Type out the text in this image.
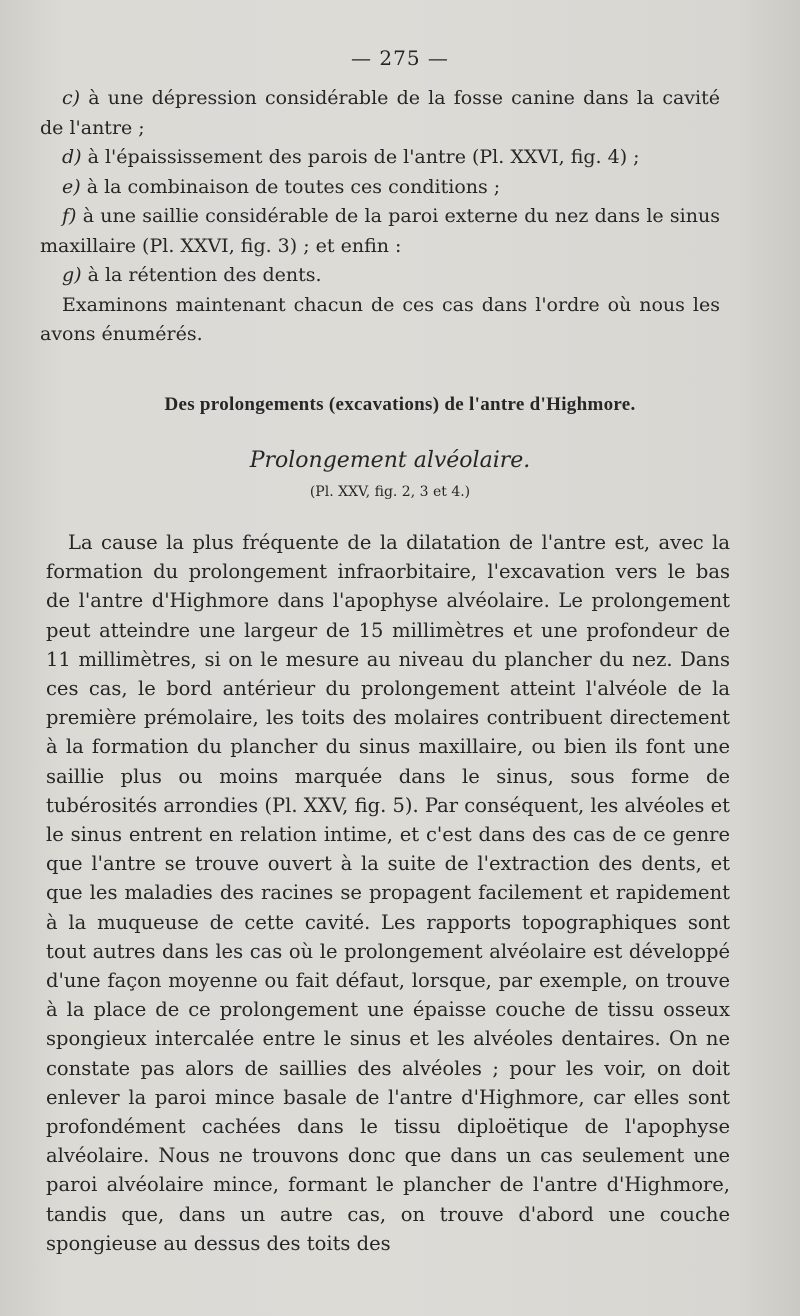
— 275 —

c) à une dépression considérable de la fosse canine dans la cavité de l'antre ;

d) à l'épaississement des parois de l'antre (Pl. XXVI, fig. 4) ;

e) à la combinaison de toutes ces conditions ;

f) à une saillie considérable de la paroi externe du nez dans le sinus maxillaire (Pl. XXVI, fig. 3) ; et enfin :

g) à la rétention des dents.

Examinons maintenant chacun de ces cas dans l'ordre où nous les avons énumérés.

Des prolongements (excavations) de l'antre d'Highmore.
Prolongement alvéolaire.
(Pl. XXV, fig. 2, 3 et 4.)

La cause la plus fréquente de la dilatation de l'antre est, avec la formation du prolongement infraorbitaire, l'excavation vers le bas de l'antre d'Highmore dans l'apophyse alvéolaire. Le prolongement peut atteindre une largeur de 15 millimètres et une profondeur de 11 millimètres, si on le mesure au niveau du plancher du nez. Dans ces cas, le bord antérieur du prolongement atteint l'alvéole de la première prémolaire, les toits des molaires contribuent directement à la formation du plancher du sinus maxillaire, ou bien ils font une saillie plus ou moins marquée dans le sinus, sous forme de tubérosités arrondies (Pl. XXV, fig. 5). Par conséquent, les alvéoles et le sinus entrent en relation intime, et c'est dans des cas de ce genre que l'antre se trouve ouvert à la suite de l'extraction des dents, et que les maladies des racines se propagent facilement et rapidement à la muqueuse de cette cavité. Les rapports topographiques sont tout autres dans les cas où le prolongement alvéolaire est développé d'une façon moyenne ou fait défaut, lorsque, par exemple, on trouve à la place de ce prolongement une épaisse couche de tissu osseux spongieux intercalée entre le sinus et les alvéoles dentaires. On ne constate pas alors de saillies des alvéoles ; pour les voir, on doit enlever la paroi mince basale de l'antre d'Highmore, car elles sont profondément cachées dans le tissu diploëtique de l'apophyse alvéolaire. Nous ne trouvons donc que dans un cas seulement une paroi alvéolaire mince, formant le plancher de l'antre d'Highmore, tandis que, dans un autre cas, on trouve d'abord une couche spongieuse au dessus des toits des
